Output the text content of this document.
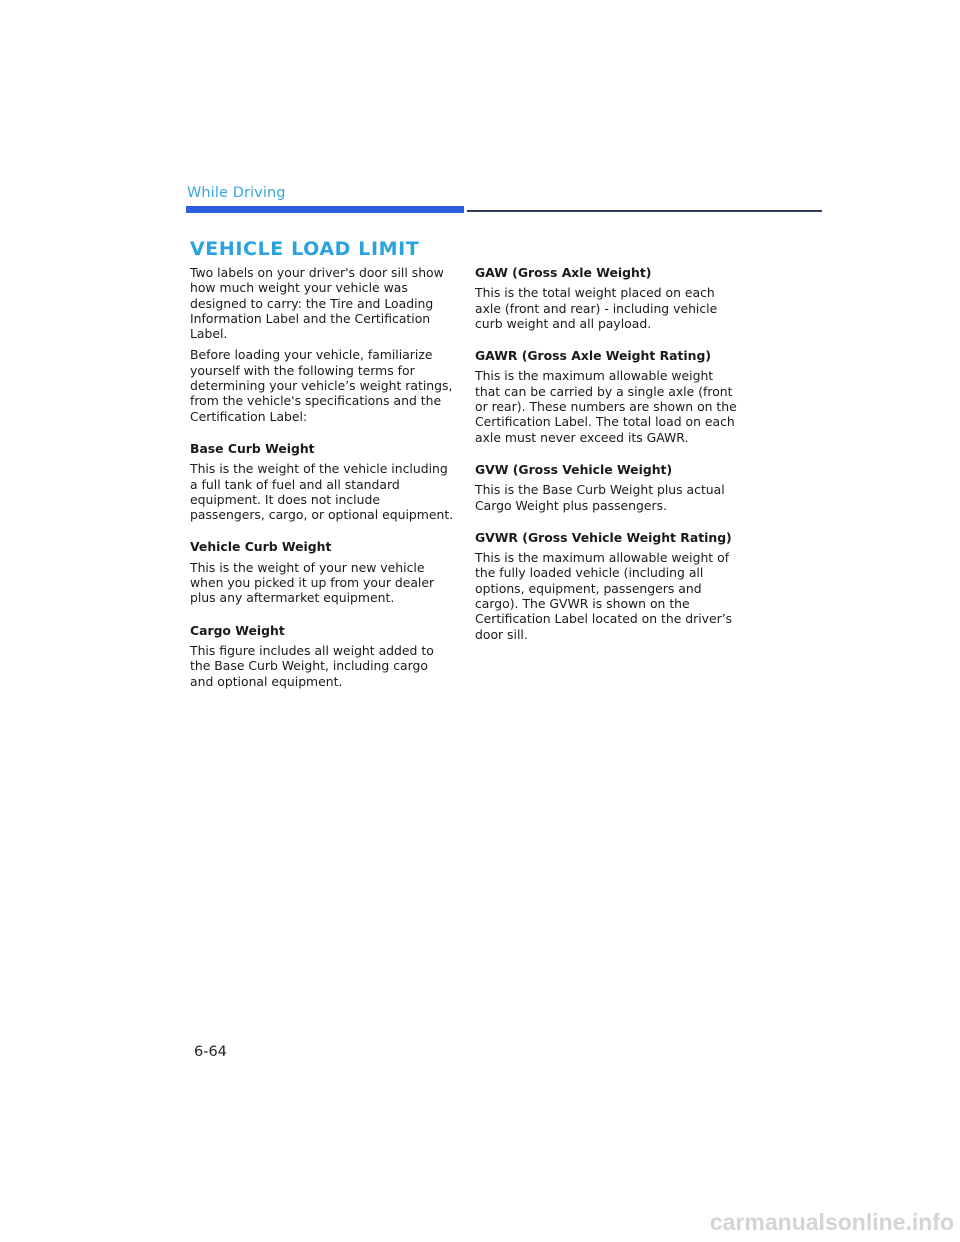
While Driving
VEHICLE LOAD LIMIT

Two labels on your driver's door sill show how much weight your vehicle was designed to carry: the Tire and Loading Information Label and the Certification Label.

Before loading your vehicle, familiarize yourself with the following terms for determining your vehicle’s weight ratings, from the vehicle's specifications and the Certification Label:

Base Curb Weight

This is the weight of the vehicle including a full tank of fuel and all standard equipment. It does not include passengers, cargo, or optional equipment.

Vehicle Curb Weight

This is the weight of your new vehicle when you picked it up from your dealer plus any aftermarket equipment.

Cargo Weight

This figure includes all weight added to the Base Curb Weight, including cargo and optional equipment.

GAW (Gross Axle Weight)

This is the total weight placed on each axle (front and rear) - including vehicle curb weight and all payload.

GAWR (Gross Axle Weight Rating)

This is the maximum allowable weight that can be carried by a single axle (front or rear). These numbers are shown on the Certification Label. The total load on each axle must never exceed its GAWR.

GVW (Gross Vehicle Weight)

This is the Base Curb Weight plus actual Cargo Weight plus passengers.

GVWR (Gross Vehicle Weight Rating)

This is the maximum allowable weight of the fully loaded vehicle (including all options, equipment, passengers and cargo). The GVWR is shown on the Certification Label located on the driver’s door sill.

6-64
carmanualsonline.info
